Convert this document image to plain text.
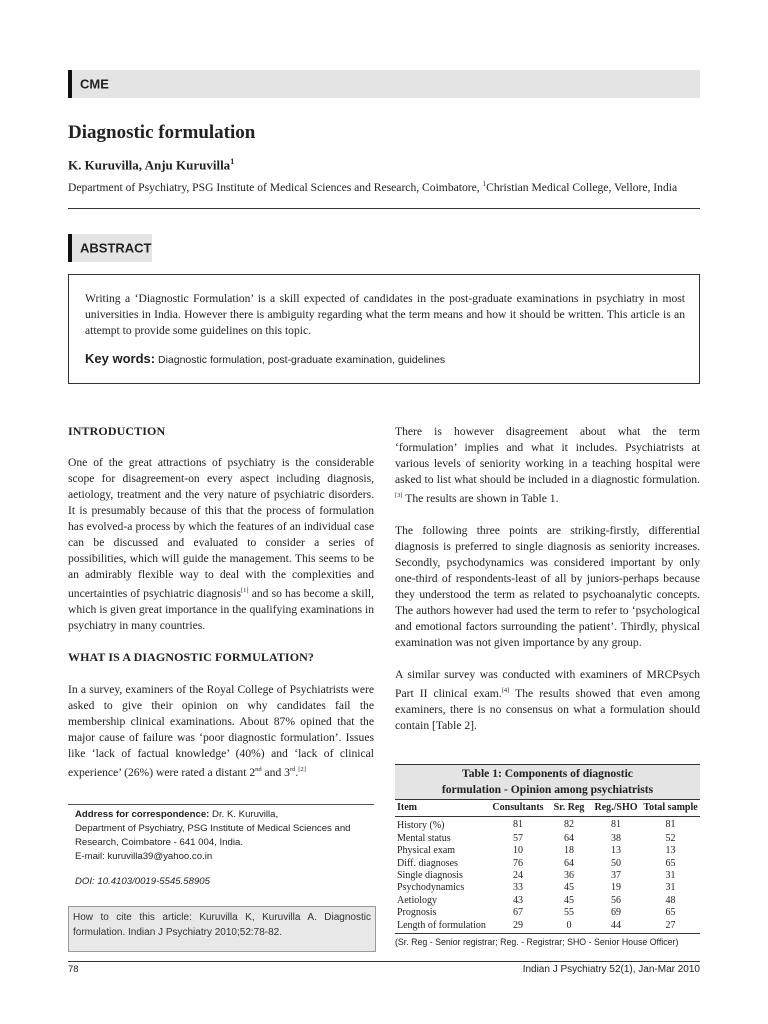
CME
Diagnostic formulation
K. Kuruvilla, Anju Kuruvilla$^1$
Department of Psychiatry, PSG Institute of Medical Sciences and Research, Coimbatore, $^1$Christian Medical College, Vellore, India
ABSTRACT
Writing a ‘Diagnostic Formulation’ is a skill expected of candidates in the post-graduate examinations in psychiatry in most universities in India. However there is ambiguity regarding what the term means and how it should be written. This article is an attempt to provide some guidelines on this topic.
Key words: Diagnostic formulation, post-graduate examination, guidelines
INTRODUCTION

One of the great attractions of psychiatry is the considerable scope for disagreement-on every aspect including diagnosis, aetiology, treatment and the very nature of psychiatric disorders. It is presumably because of this that the process of formulation has evolved-a process by which the features of an individual case can be discussed and evaluated to consider a series of possibilities, which will guide the management. This seems to be an admirably flexible way to deal with the complexities and uncertainties of psychiatric diagnosis[1] and so has become a skill, which is given great importance in the qualifying examinations in psychiatry in many countries.

WHAT IS A DIAGNOSTIC FORMULATION?

In a survey, examiners of the Royal College of Psychiatrists were asked to give their opinion on why candidates fail the membership clinical examinations. About 87% opined that the major cause of failure was ‘poor diagnostic formulation’. Issues like ‘lack of factual knowledge’ (40%) and ‘lack of clinical experience’ (26%) were rated a distant 2nd and 3rd.[2]

Address for correspondence: Dr. K. Kuruvilla,
Department of Psychiatry, PSG Institute of Medical Sciences and Research, Coimbatore - 641 004, India.
E-mail: kuruvilla39@yahoo.co.in
DOI: 10.4103/0019-5545.58905
How to cite this article: Kuruvilla K, Kuruvilla A. Diagnostic formulation. Indian J Psychiatry 2010;52:78-82.

There is however disagreement about what the term ‘formulation’ implies and what it includes. Psychiatrists at various levels of seniority working in a teaching hospital were asked to list what should be included in a diagnostic formulation.[3] The results are shown in Table 1.

The following three points are striking-firstly, differential diagnosis is preferred to single diagnosis as seniority increases. Secondly, psychodynamics was considered important by only one-third of respondents-least of all by juniors-perhaps because they understood the term as related to psychoanalytic concepts. The authors however had used the term to refer to ‘psychological and emotional factors surrounding the patient’. Thirdly, physical examination was not given importance by any group.

A similar survey was conducted with examiners of MRCPsych Part II clinical exam.[4] The results showed that even among examiners, there is no consensus on what a formulation should contain [Table 2].

Table 1: Components of diagnostic
formulation - Opinion among psychiatrists
Item	Consultants	Sr. Reg	Reg./SHO	Total sample

History (%)	81	82	81	81
Mental status	57	64	38	52
Physical exam	10	18	13	13
Diff. diagnoses	76	64	50	65
Single diagnosis	24	36	37	31
Psychodynamics	33	45	19	31
Aetiology	43	45	56	48
Prognosis	67	55	69	65
Length of formulation	29	0	44	27

(Sr. Reg - Senior registrar; Reg. - Registrar; SHO - Senior House Officer)
78	Indian J Psychiatry 52(1), Jan-Mar 2010
